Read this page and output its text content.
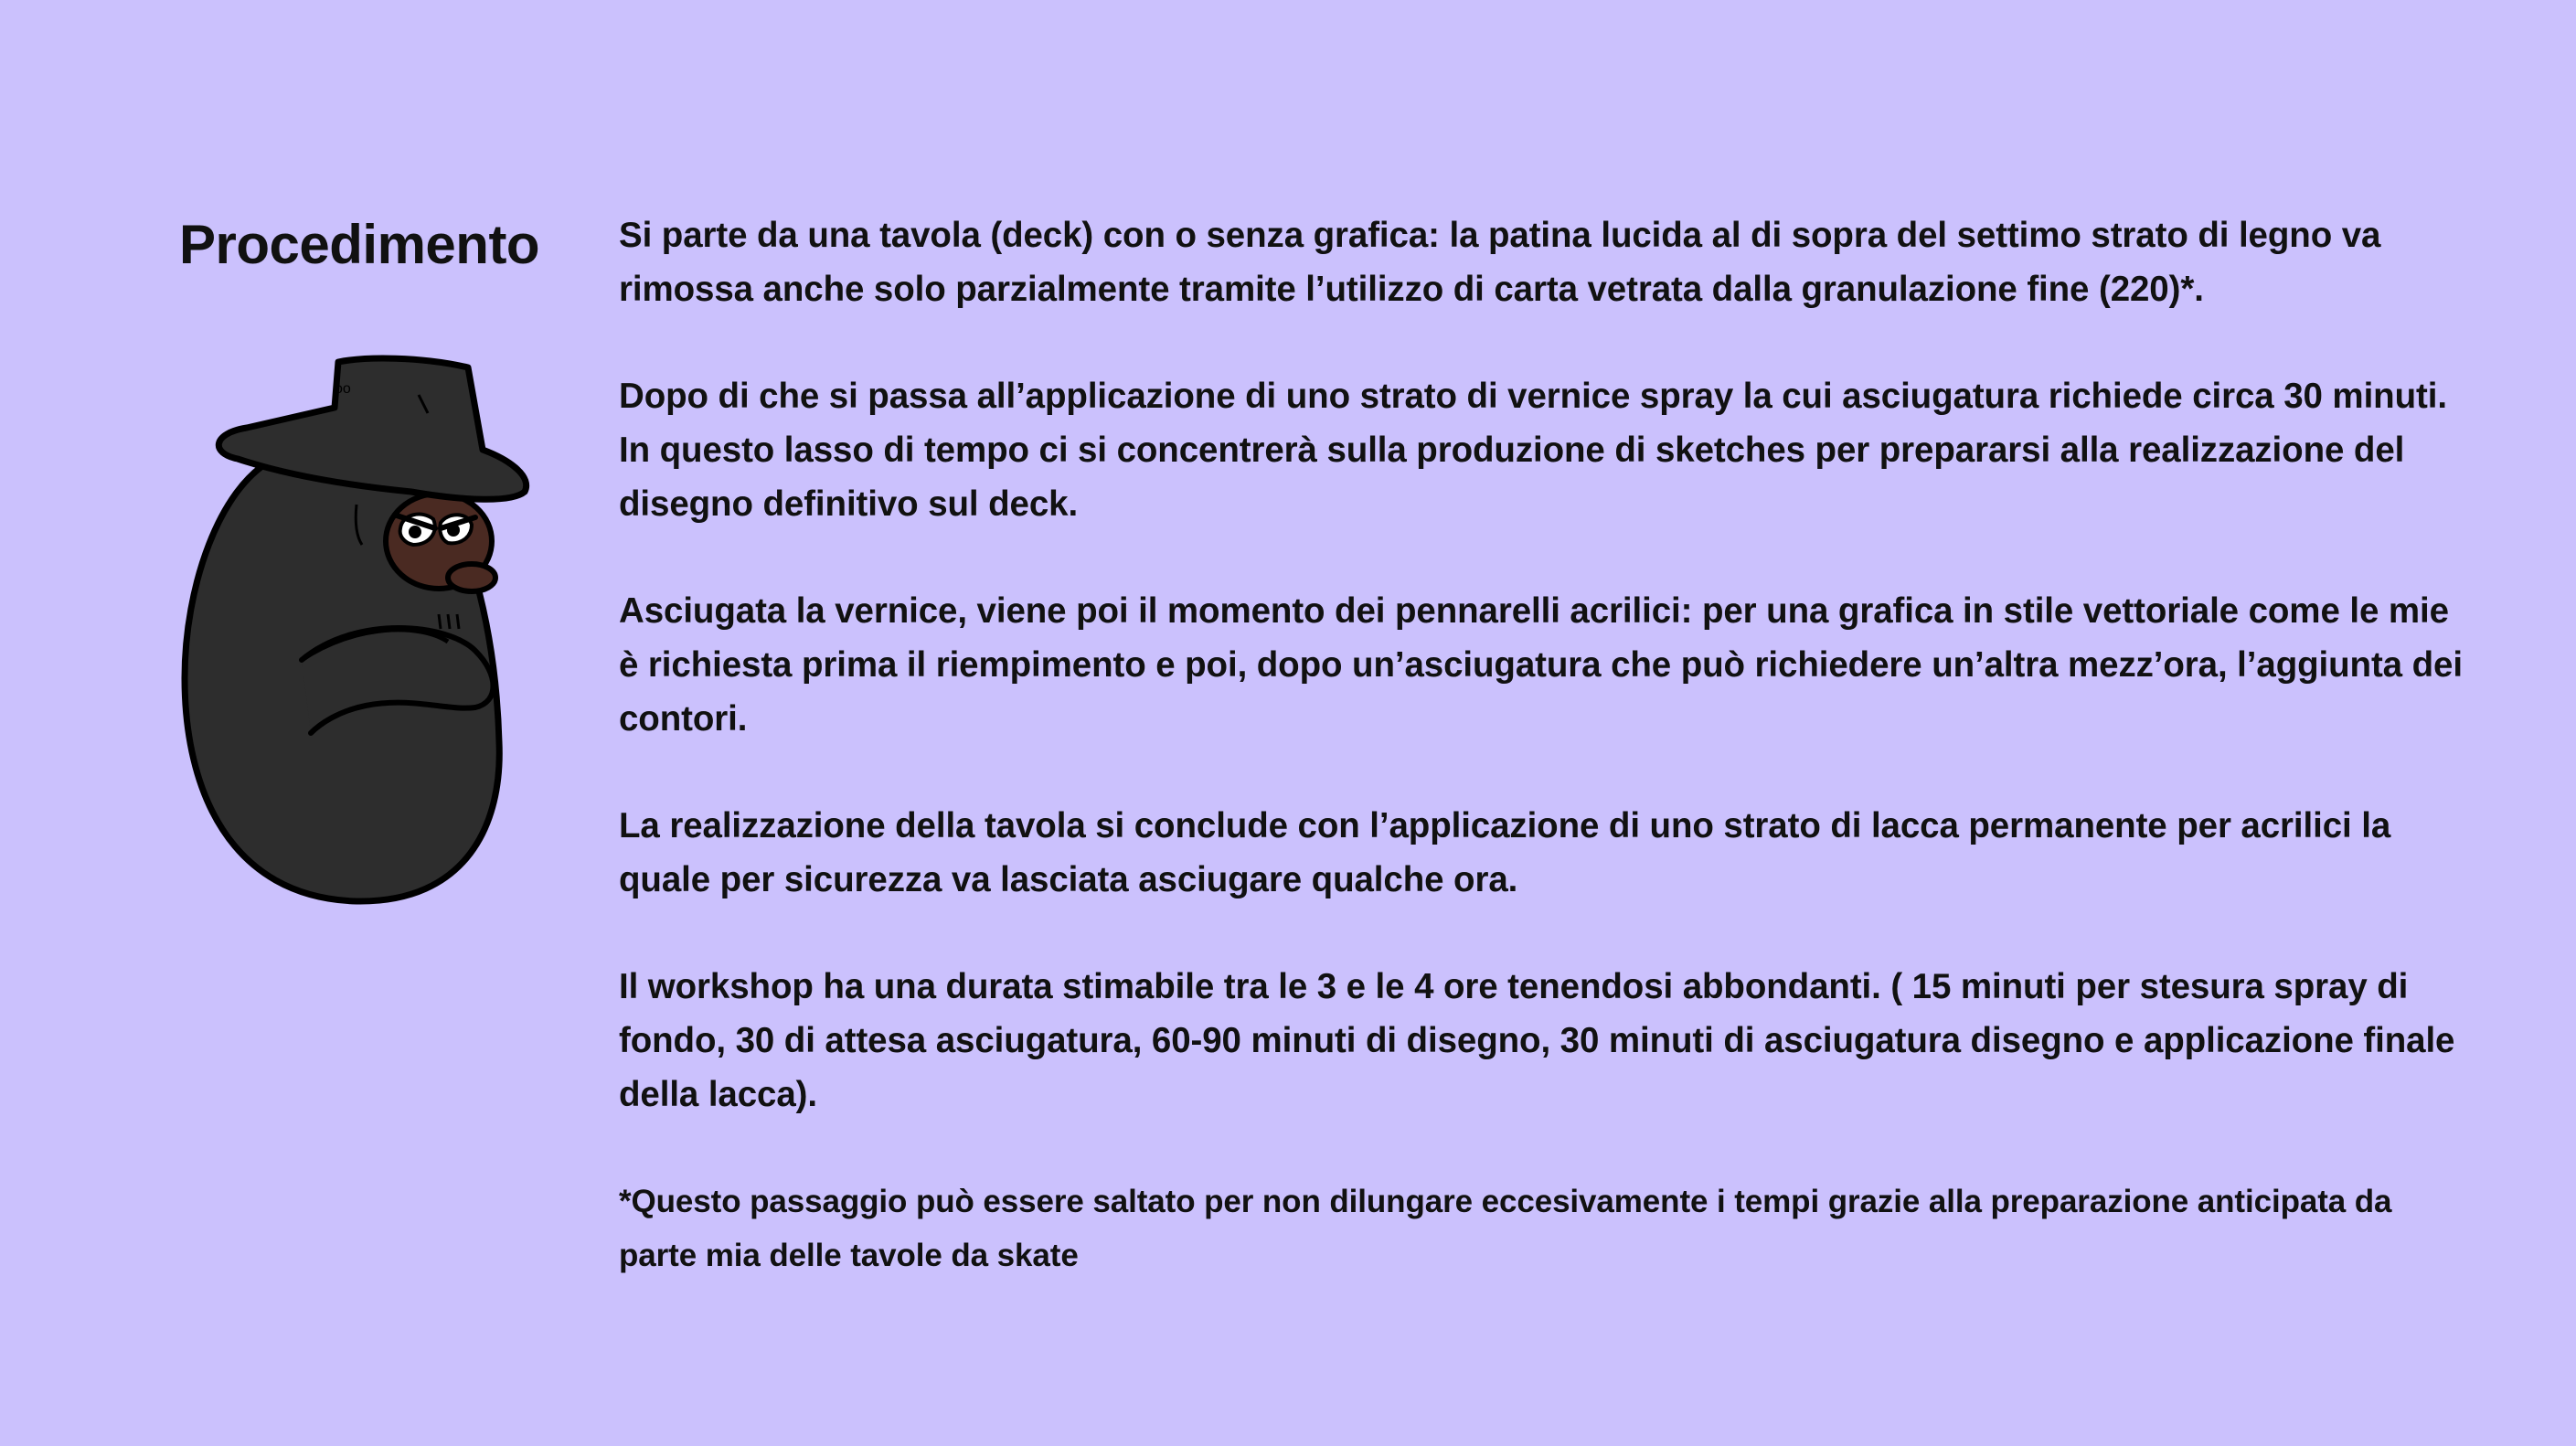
Procedimento
oo

Si parte da una tavola (deck) con o senza grafica: la patina lucida al di sopra del settimo strato di legno va rimossa anche solo parzialmente tramite l’utilizzo di carta vetrata dalla granulazione fine (220)*.

Dopo di che si passa all’applicazione di uno strato di vernice spray la cui asciugatura richiede circa 30 minuti. In questo lasso di tempo ci si concentrerà sulla produzione di sketches per prepararsi alla realizzazione del disegno definitivo sul deck.

Asciugata la vernice, viene poi il momento dei pennarelli acrilici: per una grafica in stile vettoriale come le mie è richiesta prima il riempimento e poi, dopo un’asciugatura che può richiedere un’altra mezz’ora, l’aggiunta dei contori.

La realizzazione della tavola si conclude con l’applicazione di uno strato di lacca permanente per acrilici la quale per sicurezza va lasciata asciugare qualche ora.

Il workshop ha una durata stimabile tra le 3 e le 4 ore tenendosi abbondanti. ( 15 minuti per stesura spray di fondo, 30 di attesa asciugatura, 60-90 minuti di disegno, 30 minuti di asciugatura disegno e applicazione finale della lacca).

*Questo passaggio può essere saltato per non dilungare eccesivamente i tempi grazie alla preparazione anticipata da parte mia delle tavole da skate
